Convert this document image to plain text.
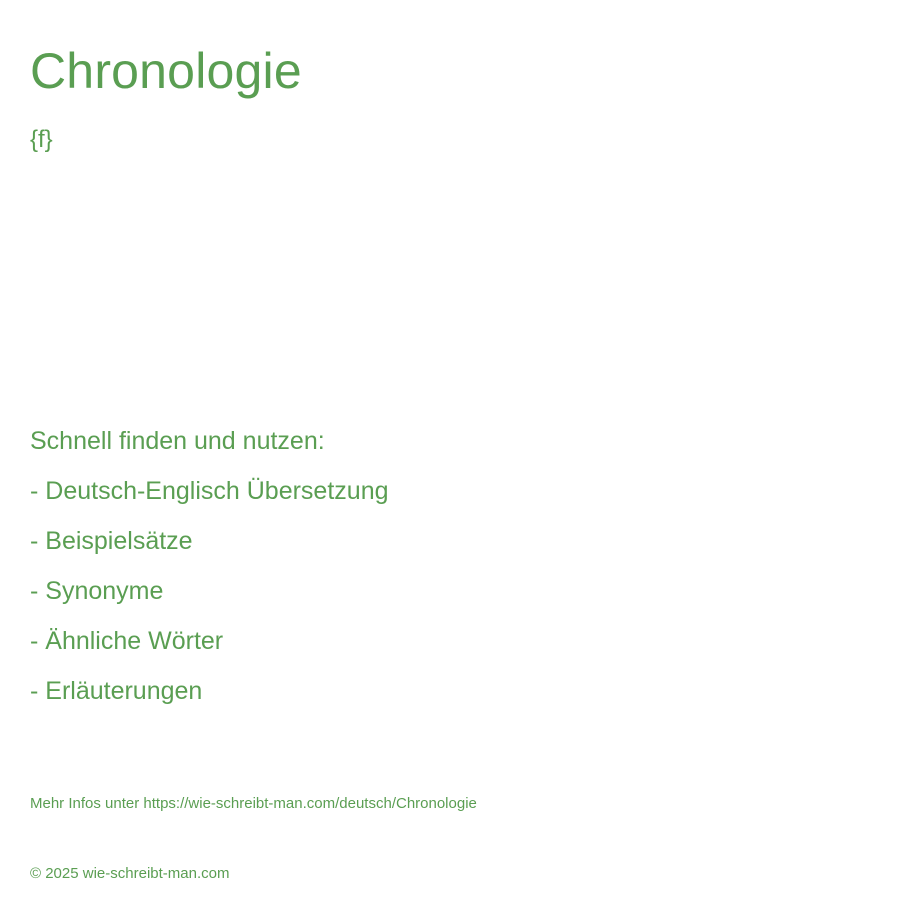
Chronologie
{f}
Schnell finden und nutzen:
- Deutsch-Englisch Übersetzung
- Beispielsätze
- Synonyme
- Ähnliche Wörter
- Erläuterungen
Mehr Infos unter https://wie-schreibt-man.com/deutsch/Chronologie
© 2025 wie-schreibt-man.com
